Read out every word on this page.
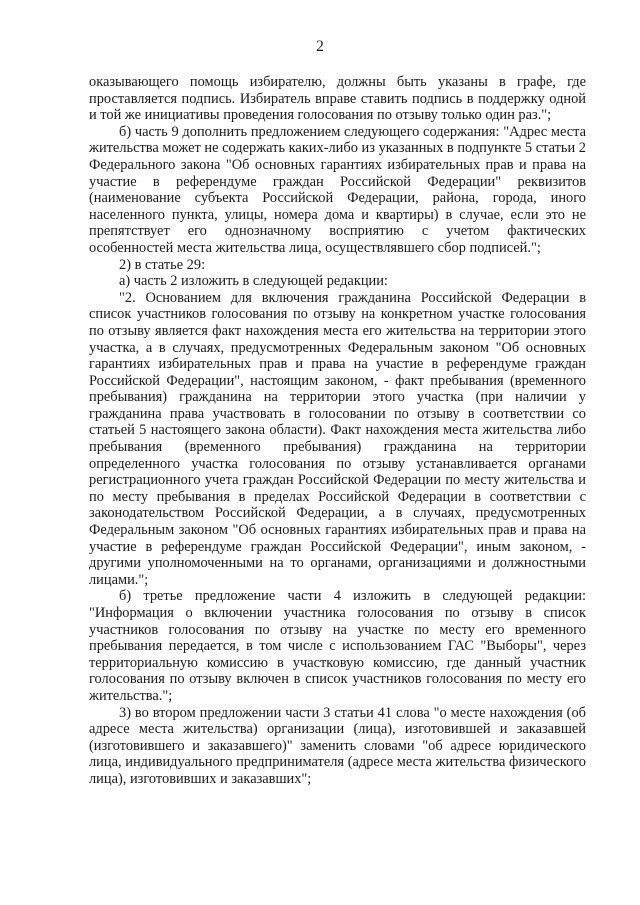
2

оказывающего помощь избирателю, должны быть указаны в графе, где проставляется подпись. Избиратель вправе ставить подпись в поддержку одной и той же инициативы проведения голосования по отзыву только один раз.";

б) часть 9 дополнить предложением следующего содержания: "Адрес места жительства может не содержать каких-либо из указанных в подпункте 5 статьи 2 Федерального закона "Об основных гарантиях избирательных прав и права на участие в референдуме граждан Российской Федерации" реквизитов (наименование субъекта Российской Федерации, района, города, иного населенного пункта, улицы, номера дома и квартиры) в случае, если это не препятствует его однозначному восприятию с учетом фактических особенностей места жительства лица, осуществлявшего сбор подписей.";

2) в статье 29:

а) часть 2 изложить в следующей редакции:

"2. Основанием для включения гражданина Российской Федерации в список участников голосования по отзыву на конкретном участке голосования по отзыву является факт нахождения места его жительства на территории этого участка, а в случаях, предусмотренных Федеральным законом "Об основных гарантиях избирательных прав и права на участие в референдуме граждан Российской Федерации", настоящим законом, - факт пребывания (временного пребывания) гражданина на территории этого участка (при наличии у гражданина права участвовать в голосовании по отзыву в соответствии со статьей 5 настоящего закона области). Факт нахождения места жительства либо пребывания (временного пребывания) гражданина на территории определенного участка голосования по отзыву устанавливается органами регистрационного учета граждан Российской Федерации по месту жительства и по месту пребывания в пределах Российской Федерации в соответствии с законодательством Российской Федерации, а в случаях, предусмотренных Федеральным законом "Об основных гарантиях избирательных прав и права на участие в референдуме граждан Российской Федерации", иным законом, - другими уполномоченными на то органами, организациями и должностными лицами.";

б) третье предложение части 4 изложить в следующей редакции: "Информация о включении участника голосования по отзыву в список участников голосования по отзыву на участке по месту его временного пребывания передается, в том числе с использованием ГАС "Выборы", через территориальную комиссию в участковую комиссию, где данный участник голосования по отзыву включен в список участников голосования по месту его жительства.";

3) во втором предложении части 3 статьи 41 слова "о месте нахождения (об адресе места жительства) организации (лица), изготовившей и заказавшей (изготовившего и заказавшего)" заменить словами "об адресе юридического лица, индивидуального предпринимателя (адресе места жительства физического лица), изготовивших и заказавших";
